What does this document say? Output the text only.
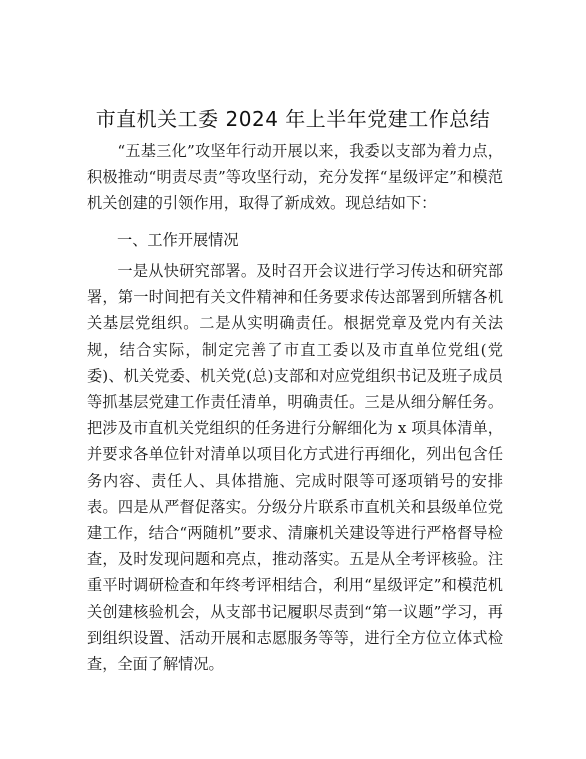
市直机关工委 2024 年上半年党建工作总结

“五基三化”攻坚年行动开展以来，我委以支部为着力点，积极推动“明责尽责”等攻坚行动，充分发挥“星级评定”和模范机关创建的引领作用，取得了新成效。现总结如下：

一、工作开展情况

一是从快研究部署。及时召开会议进行学习传达和研究部署，第一时间把有关文件精神和任务要求传达部署到所辖各机关基层党组织。二是从实明确责任。根据党章及党内有关法规，结合实际，制定完善了市直工委以及市直单位党组(党委)、机关党委、机关党(总)支部和对应党组织书记及班子成员等抓基层党建工作责任清单，明确责任。三是从细分解任务。把涉及市直机关党组织的任务进行分解细化为 x 项具体清单，并要求各单位针对清单以项目化方式进行再细化，列出包含任务内容、责任人、具体措施、完成时限等可逐项销号的安排表。四是从严督促落实。分级分片联系市直机关和县级单位党建工作，结合“两随机”要求、清廉机关建设等进行严格督导检查，及时发现问题和亮点，推动落实。五是从全考评核验。注重平时调研检查和年终考评相结合，利用“星级评定”和模范机关创建核验机会，从支部书记履职尽责到“第一议题”学习，再到组织设置、活动开展和志愿服务等等，进行全方位立体式检查，全面了解情况。
